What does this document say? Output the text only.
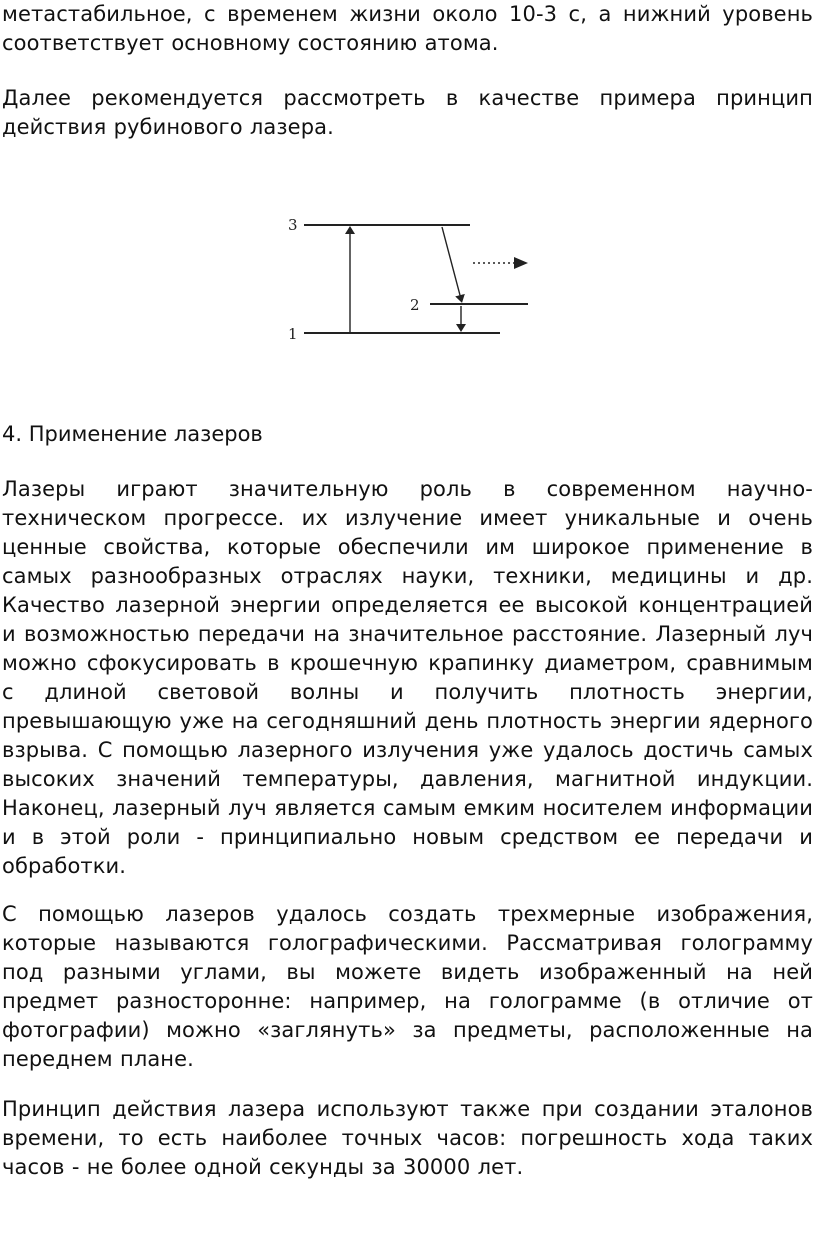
метастабильное, с временем жизни около 10-3 с, а нижний уровень соответствует основному состоянию атома.

Далее рекомендуется рассмотреть в качестве примера принцип действия рубинового лазера.

3
2
1
4. Применение лазеров

Лазеры играют значительную роль в современном научно-техническом прогрессе. их излучение имеет уникальные и очень ценные свойства, которые обеспечили им широкое применение в самых разнообразных отраслях науки, техники, медицины и др. Качество лазерной энергии определяется ее высокой концентрацией и возможностью передачи на значительное расстояние. Лазерный луч можно сфокусировать в крошечную крапинку диаметром, сравнимым с длиной световой волны и получить плотность энергии, превышающую уже на сегодняшний день плотность энергии ядерного взрыва. С помощью лазерного излучения уже удалось достичь самых высоких значений температуры, давления, магнитной индукции. Наконец, лазерный луч является самым емким носителем информации и в этой роли - принципиально новым средством ее передачи и обработки.

С помощью лазеров удалось создать трехмерные изображения, которые называются голографическими. Рассматривая голограмму под разными углами, вы можете видеть изображенный на ней предмет разносторонне: например, на голограмме (в отличие от фотографии) можно «заглянуть» за предметы, расположенные на переднем плане.

Принцип действия лазера используют также при создании эталонов времени, то есть наиболее точных часов: погрешность хода таких часов - не более одной секунды за 30000 лет.
